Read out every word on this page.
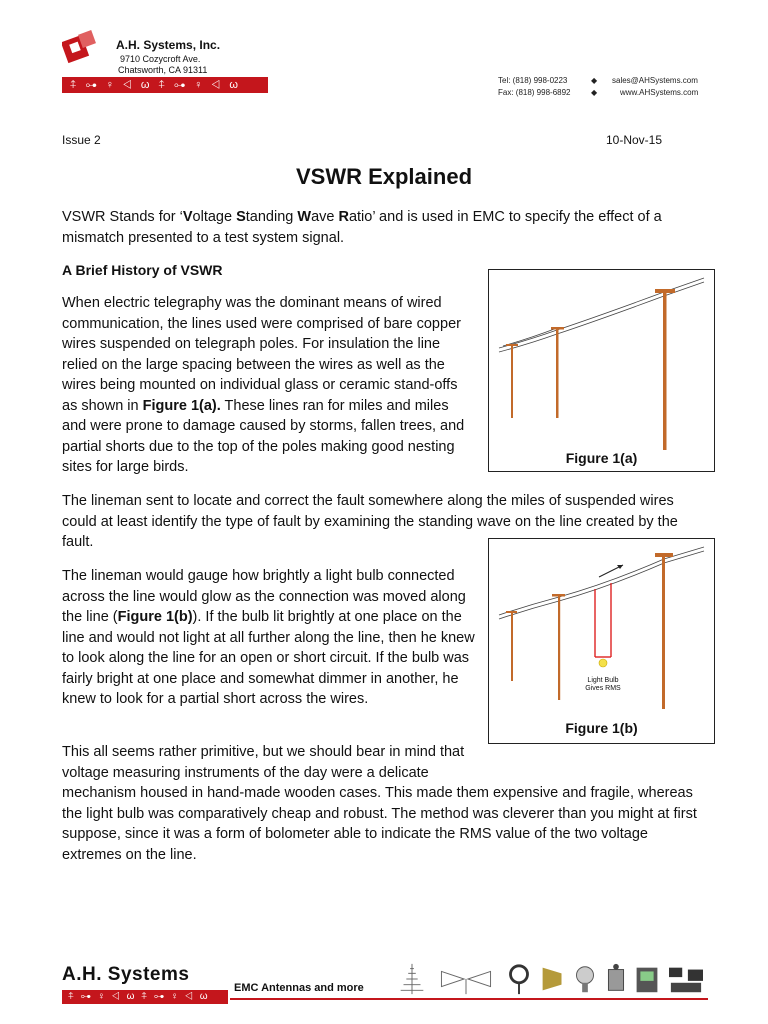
A.H. Systems, Inc.
9710 Cozycroft Ave.
Chatsworth, CA 91311
⍏ ⊶ ♀ ◁ ω ⍏ ⊶ ♀ ◁ ω	Tel: (818) 998-0223
Fax: (818) 998-6892
◆
◆
sales@AHSystems.com
www.AHSystems.com
Issue 2	10-Nov-15
VSWR Explained

VSWR Stands for ‘Voltage Standing Wave Ratio’ and is used in EMC to specify the effect of a mismatch presented to a test system signal.

A Brief History of VSWR

When electric telegraphy was the dominant means of wired communication, the lines used were comprised of bare copper wires suspended on telegraph poles. For insulation the line relied on the large spacing between the wires as well as the wires being mounted on individual glass or ceramic stand-offs as shown in Figure 1(a). These lines ran for miles and miles and were prone to damage caused by storms, fallen trees, and partial shorts due to the top of the poles making good nesting sites for large birds.

Figure 1(a)

The lineman sent to locate and correct the fault somewhere along the miles of suspended wires could at least identify the type of fault by examining the standing wave on the line created by the fault.

Light Bulb
Gives RMS
Figure 1(b)

The lineman would gauge how brightly a light bulb connected across the line would glow as the connection was moved along the line (Figure 1(b)). If the bulb lit brightly at one place on the line and would not light at all further along the line, then he knew to look along the line for an open or short circuit. If the bulb was fairly bright at one place and somewhat dimmer in another, he knew to look for a partial short across the wires.

This all seems rather primitive, but we should bear in mind that voltage measuring instruments of the day were a delicate

mechanism housed in hand-made wooden cases. This made them expensive and fragile, whereas the light bulb was comparatively cheap and robust. The method was cleverer than you might at first suppose, since it was a form of bolometer able to indicate the RMS value of the two voltage extremes on the line.

A.H. Systems
⍏ ⊶ ♀ ◁ ω ⍏ ⊶ ♀ ◁ ω
EMC Antennas and more
